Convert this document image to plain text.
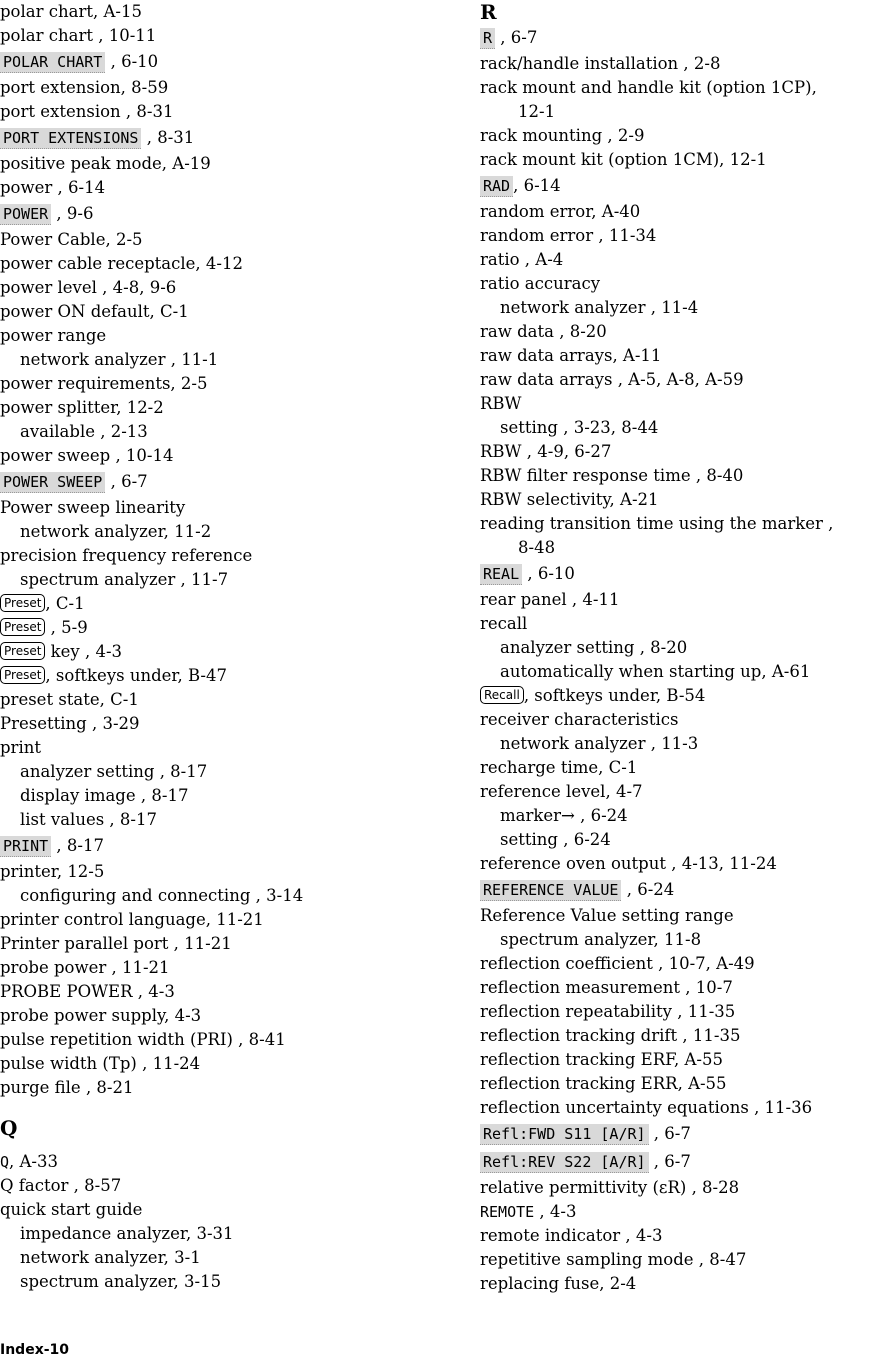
polar chart, A-15
polar chart , 10-11
POLAR CHART , 6-10
port extension, 8-59
port extension , 8-31
PORT EXTENSIONS , 8-31
positive peak mode, A-19
power , 6-14
POWER , 9-6
Power Cable, 2-5
power cable receptacle, 4-12
power level , 4-8, 9-6
power ON default, C-1
power range
network analyzer , 11-1
power requirements, 2-5
power splitter, 12-2
available , 2-13
power sweep , 10-14
POWER SWEEP , 6-7
Power sweep linearity
network analyzer, 11-2
precision frequency reference
spectrum analyzer , 11-7
Preset , C-1
Preset , 5-9
Preset key , 4-3
Preset , softkeys under, B-47
preset state, C-1
Presetting , 3-29
print
analyzer setting , 8-17
display image , 8-17
list values , 8-17
PRINT , 8-17
printer, 12-5
configuring and connecting , 3-14
printer control language, 11-21
Printer parallel port , 11-21
probe power , 11-21
PROBE POWER , 4-3
probe power supply, 4-3
pulse repetition width (PRI) , 8-41
pulse width (Tp) , 11-24
purge file , 8-21
Q
Q, A-33
Q factor , 8-57
quick start guide
impedance analyzer, 3-31
network analyzer, 3-1
spectrum analyzer, 3-15
R
R , 6-7
rack/handle installation , 2-8
rack mount and handle kit (option 1CP),
12-1
rack mounting , 2-9
rack mount kit (option 1CM), 12-1
RAD , 6-14
random error, A-40
random error , 11-34
ratio , A-4
ratio accuracy
network analyzer , 11-4
raw data , 8-20
raw data arrays, A-11
raw data arrays , A-5, A-8, A-59
RBW
setting , 3-23, 8-44
RBW , 4-9, 6-27
RBW filter response time , 8-40
RBW selectivity, A-21
reading transition time using the marker ,
8-48
REAL , 6-10
rear panel , 4-11
recall
analyzer setting , 8-20
automatically when starting up, A-61
Recall , softkeys under, B-54
receiver characteristics
network analyzer , 11-3
recharge time, C-1
reference level, 4-7
marker→ , 6-24
setting , 6-24
reference oven output , 4-13, 11-24
REFERENCE VALUE , 6-24
Reference Value setting range
spectrum analyzer, 11-8
reflection coefficient , 10-7, A-49
reflection measurement , 10-7
reflection repeatability , 11-35
reflection tracking drift , 11-35
reflection tracking ERF, A-55
reflection tracking ERR, A-55
reflection uncertainty equations , 11-36
Refl:FWD S11 [A/R] , 6-7
Refl:REV S22 [A/R] , 6-7
relative permittivity (εR) , 8-28
REMOTE , 4-3
remote indicator , 4-3
repetitive sampling mode , 8-47
replacing fuse, 2-4
Index-10
